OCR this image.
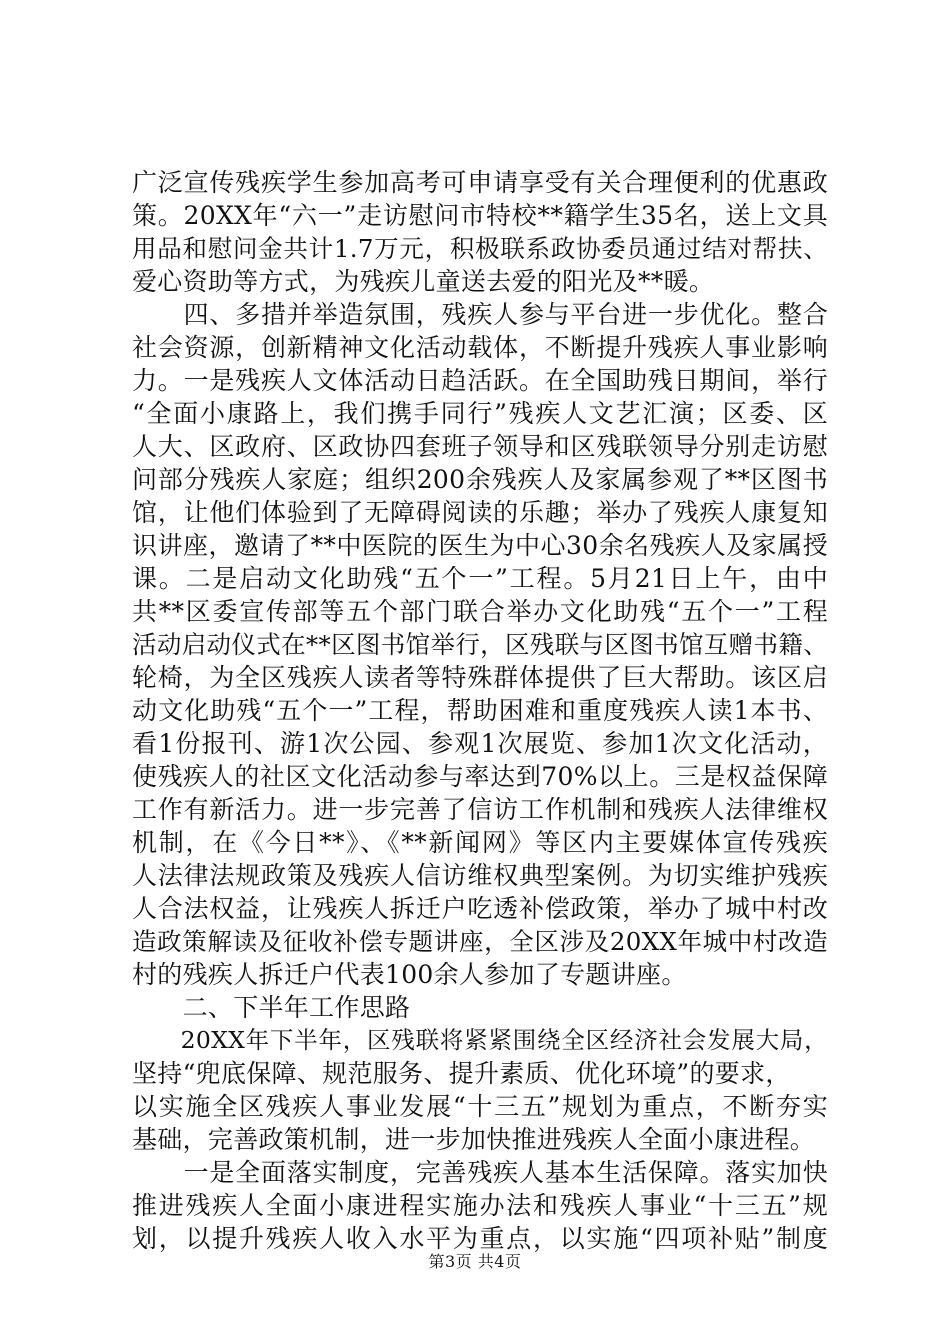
广泛宣传残疾学生参加高考可申请享受有关合理便利的优惠政
策。20XX年“六一”走访慰问市特校**籍学生35名，送上文具
用品和慰问金共计1.7万元，积极联系政协委员通过结对帮扶、
爱心资助等方式，为残疾儿童送去爱的阳光及**暖。
　　四、多措并举造氛围，残疾人参与平台进一步优化。整合
社会资源，创新精神文化活动载体，不断提升残疾人事业影响
力。一是残疾人文体活动日趋活跃。在全国助残日期间，举行
“全面小康路上，我们携手同行”残疾人文艺汇演；区委、区
人大、区政府、区政协四套班子领导和区残联领导分别走访慰
问部分残疾人家庭；组织200余残疾人及家属参观了**区图书
馆，让他们体验到了无障碍阅读的乐趣；举办了残疾人康复知
识讲座，邀请了**中医院的医生为中心30余名残疾人及家属授
课。二是启动文化助残“五个一”工程。5月21日上午，由中
共**区委宣传部等五个部门联合举办文化助残“五个一”工程
活动启动仪式在**区图书馆举行，区残联与区图书馆互赠书籍、
轮椅，为全区残疾人读者等特殊群体提供了巨大帮助。该区启
动文化助残“五个一”工程，帮助困难和重度残疾人读1本书、
看1份报刊、游1次公园、参观1次展览、参加1次文化活动，
使残疾人的社区文化活动参与率达到70%以上。三是权益保障
工作有新活力。进一步完善了信访工作机制和残疾人法律维权
机制，在《今日**》、《**新闻网》等区内主要媒体宣传残疾
人法律法规政策及残疾人信访维权典型案例。为切实维护残疾
人合法权益，让残疾人拆迁户吃透补偿政策，举办了城中村改
造政策解读及征收补偿专题讲座，全区涉及20XX年城中村改造
村的残疾人拆迁户代表100余人参加了专题讲座。
　　二、下半年工作思路
　　20XX年下半年，区残联将紧紧围绕全区经济社会发展大局，
坚持“兜底保障、规范服务、提升素质、优化环境”的要求，
以实施全区残疾人事业发展“十三五”规划为重点，不断夯实
基础，完善政策机制，进一步加快推进残疾人全面小康进程。
　　一是全面落实制度，完善残疾人基本生活保障。落实加快
推进残疾人全面小康进程实施办法和残疾人事业“十三五”规
划，以提升残疾人收入水平为重点，以实施“四项补贴”制度
第3页 共4页
